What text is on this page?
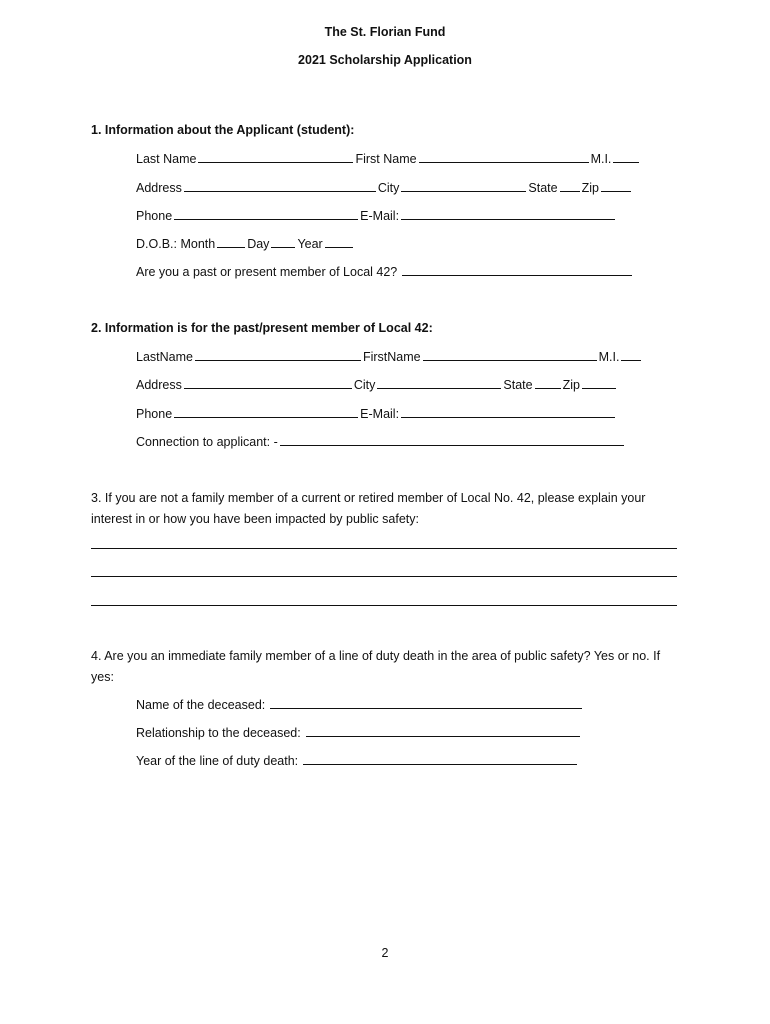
The St. Florian Fund
2021 Scholarship Application
1. Information about the Applicant (student):
Last Name	First Name	M.I.
Address	City	State Zip
Phone	E-Mail:
D.O.B.: Month	Day Year
Are you a past or present member of Local 42?
2. Information is for the past/present member of Local 42:
LastName	FirstName	M.I.
Address	City	State Zip
Phone	E-Mail:
Connection to applicant: -
3. If you are not a family member of a current or retired member of Local No. 42, please explain your interest in or how you have been impacted by public safety:
4. Are you an immediate family member of a line of duty death in the area of public safety? Yes or no. If yes:
Name of the deceased:
Relationship to the deceased:
Year of the line of duty death:
2
